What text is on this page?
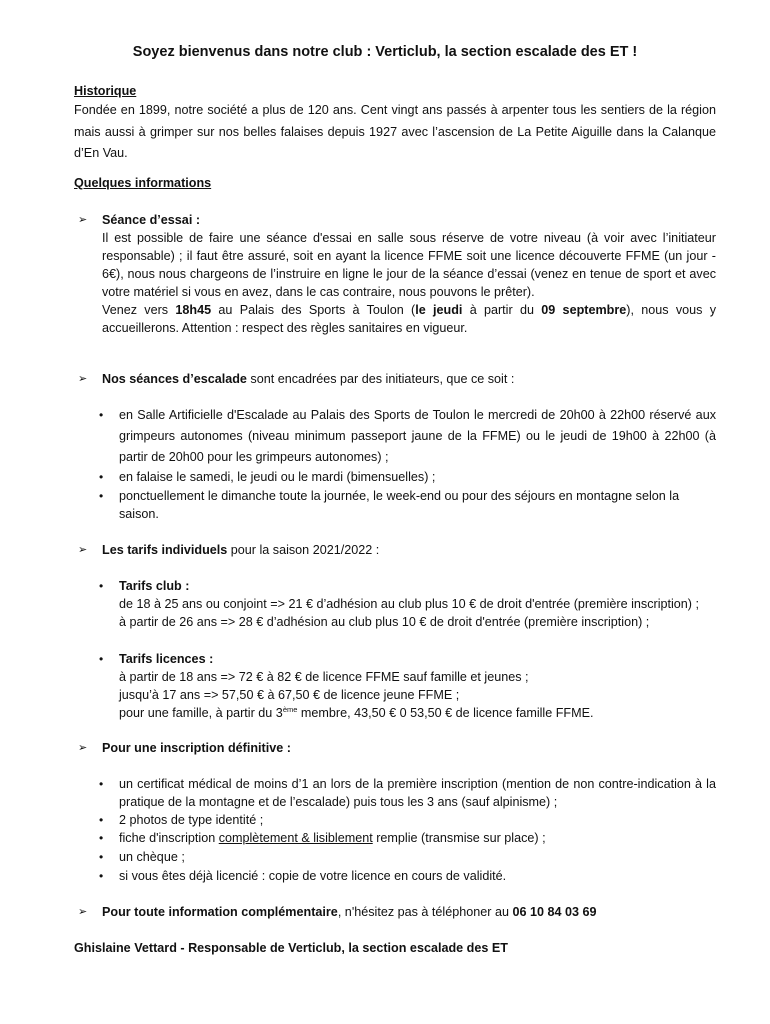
Soyez bienvenus dans notre club : Verticlub, la section escalade des ET !
Historique
Fondée en 1899, notre société a plus de 120 ans. Cent vingt ans passés à arpenter tous les sentiers de la région mais aussi à grimper sur nos belles falaises depuis 1927 avec l’ascension de La Petite Aiguille dans la Calanque d’En Vau.
Quelques informations
➢	Séance d’essai :
Il est possible de faire une séance d'essai en salle sous réserve de votre niveau (à voir avec l’initiateur responsable) ; il faut être assuré, soit en ayant la licence FFME soit une licence découverte FFME (un jour - 6€), nous nous chargeons de l’instruire en ligne le jour de la séance d’essai (venez en tenue de sport et avec votre matériel si vous en avez, dans le cas contraire, nous pouvons le prêter).
Venez vers 18h45 au Palais des Sports à Toulon (le jeudi à partir du 09 septembre), nous vous y accueillerons. Attention : respect des règles sanitaires en vigueur.
➢	Nos séances d’escalade sont encadrées par des initiateurs, que ce soit :
• en Salle Artificielle d'Escalade au Palais des Sports de Toulon le mercredi de 20h00 à 22h00 réservé aux grimpeurs autonomes (niveau minimum passeport jaune de la FFME) ou le jeudi de 19h00 à 22h00 (à partir de 20h00 pour les grimpeurs autonomes) ;
• en falaise le samedi, le jeudi ou le mardi (bimensuelles) ;
• ponctuellement le dimanche toute la journée, le week-end ou pour des séjours en montagne selon la saison.
➢	Les tarifs individuels pour la saison 2021/2022 :
• Tarifs club :
de 18 à 25 ans ou conjoint => 21 € d’adhésion au club plus 10 € de droit d'entrée (première inscription) ;
à partir de 26 ans => 28 € d’adhésion au club plus 10 € de droit d'entrée (première inscription) ;
• Tarifs licences :
à partir de 18 ans => 72 € à 82 € de licence FFME sauf famille et jeunes ;
jusqu’à 17 ans => 57,50 € à 67,50 € de licence jeune FFME ;
pour une famille, à partir du 3ème membre, 43,50 € 0 53,50 € de licence famille FFME.
➢	Pour une inscription définitive :
• un certificat médical de moins d’1 an lors de la première inscription (mention de non contre-indication à la pratique de la montagne et de l’escalade) puis tous les 3 ans (sauf alpinisme) ;
• 2 photos de type identité ;
• fiche d'inscription complètement & lisiblement remplie (transmise sur place) ;
• un chèque ;
• si vous êtes déjà licencié : copie de votre licence en cours de validité.
➢	Pour toute information complémentaire, n'hésitez pas à téléphoner au 06 10 84 03 69
Ghislaine Vettard - Responsable de Verticlub, la section escalade des ET
